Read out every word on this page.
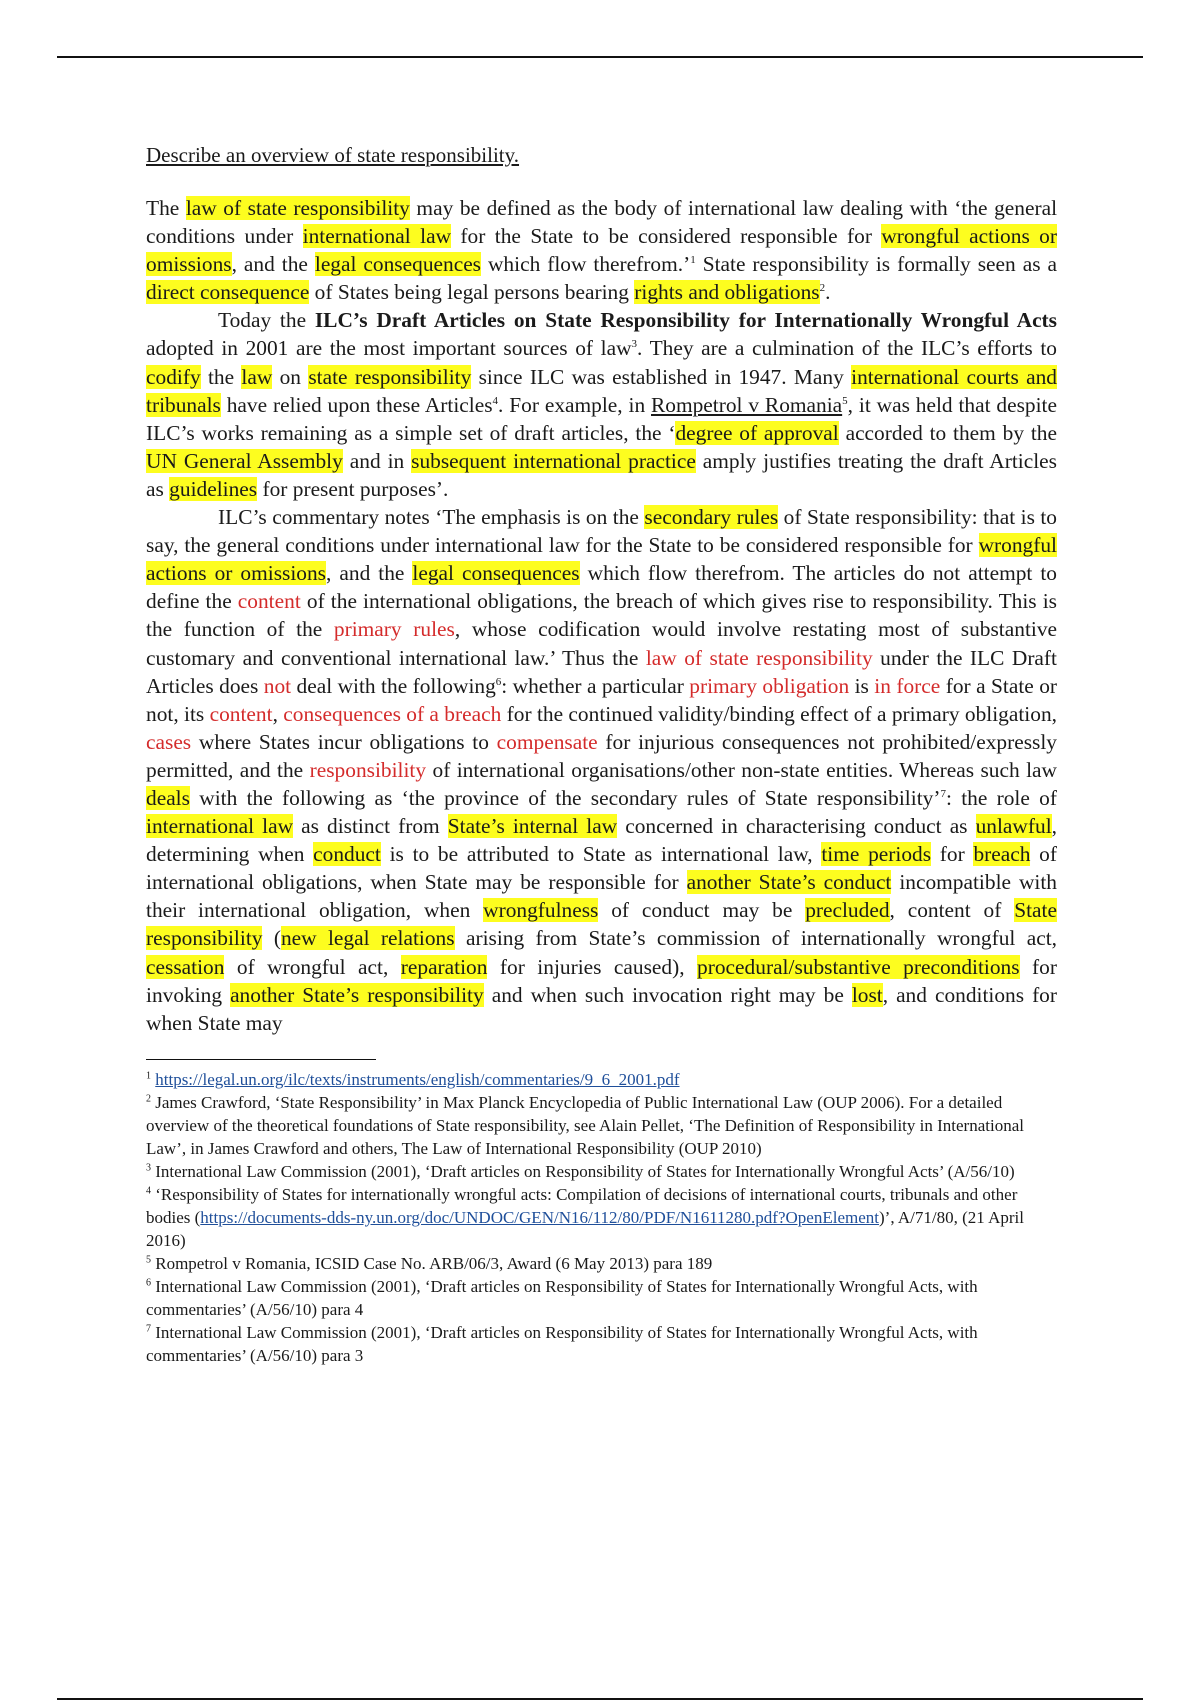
Describe an overview of state responsibility.

The law of state responsibility may be defined as the body of international law dealing with ‘the general conditions under international law for the State to be considered responsible for wrongful actions or omissions, and the legal consequences which flow therefrom.’$^1$ State responsibility is formally seen as a direct consequence of States being legal persons bearing rights and obligations$^2$.

Today the ILC’s Draft Articles on State Responsibility for Internationally Wrongful Acts adopted in 2001 are the most important sources of law$^3$. They are a culmination of the ILC’s efforts to codify the law on state responsibility since ILC was established in 1947. Many international courts and tribunals have relied upon these Articles$^4$. For example, in Rompetrol v Romania$^5$, it was held that despite ILC’s works remaining as a simple set of draft articles, the ‘degree of approval accorded to them by the UN General Assembly and in subsequent international practice amply justifies treating the draft Articles as guidelines for present purposes’.

ILC’s commentary notes ‘The emphasis is on the secondary rules of State responsibility: that is to say, the general conditions under international law for the State to be considered responsible for wrongful actions or omissions, and the legal consequences which flow therefrom. The articles do not attempt to define the content of the international obligations, the breach of which gives rise to responsibility. This is the function of the primary rules, whose codification would involve restating most of substantive customary and conventional international law.’ Thus the law of state responsibility under the ILC Draft Articles does not deal with the following$^6$: whether a particular primary obligation is in force for a State or not, its content, consequences of a breach for the continued validity/binding effect of a primary obligation, cases where States incur obligations to compensate for injurious consequences not prohibited/expressly permitted, and the responsibility of international organisations/other non-state entities. Whereas such law deals with the following as ‘the province of the secondary rules of State responsibility’$^7$: the role of international law as distinct from State’s internal law concerned in characterising conduct as unlawful, determining when conduct is to be attributed to State as international law, time periods for breach of international obligations, when State may be responsible for another State’s conduct incompatible with their international obligation, when wrongfulness of conduct may be precluded, content of State responsibility (new legal relations arising from State’s commission of internationally wrongful act, cessation of wrongful act, reparation for injuries caused), procedural/substantive preconditions for invoking another State’s responsibility and when such invocation right may be lost, and conditions for when State may

$^1$ https://legal.un.org/ilc/texts/instruments/english/commentaries/9_6_2001.pdf

$^2$ James Crawford, ‘State Responsibility’ in Max Planck Encyclopedia of Public International Law (OUP 2006). For a detailed overview of the theoretical foundations of State responsibility, see Alain Pellet, ‘The Definition of Responsibility in International Law’, in James Crawford and others, The Law of International Responsibility (OUP 2010)

$^3$ International Law Commission (2001), ‘Draft articles on Responsibility of States for Internationally Wrongful Acts’ (A/56/10)

$^4$ ‘Responsibility of States for internationally wrongful acts: Compilation of decisions of international courts, tribunals and other bodies (https://documents-dds-ny.un.org/doc/UNDOC/GEN/N16/112/80/PDF/N1611280.pdf?OpenElement)’, A/71/80, (21 April 2016)

$^5$ Rompetrol v Romania, ICSID Case No. ARB/06/3, Award (6 May 2013) para 189

$^6$ International Law Commission (2001), ‘Draft articles on Responsibility of States for Internationally Wrongful Acts, with commentaries’ (A/56/10) para 4

$^7$ International Law Commission (2001), ‘Draft articles on Responsibility of States for Internationally Wrongful Acts, with commentaries’ (A/56/10) para 3
